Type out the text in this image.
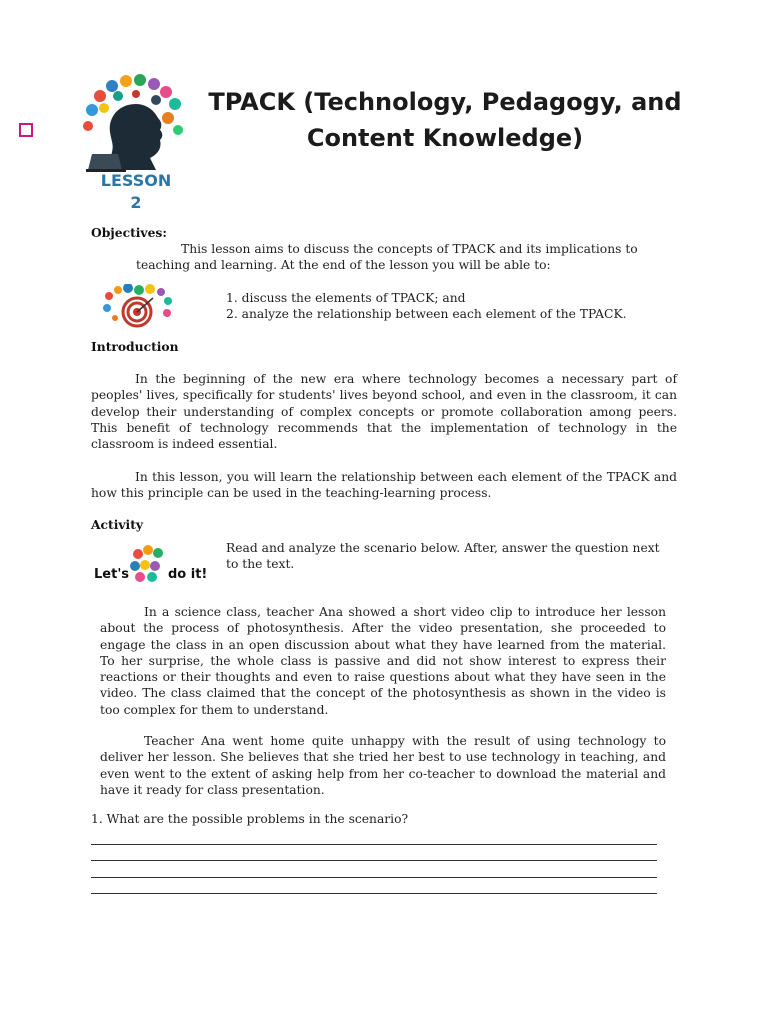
TPACK (Technology, Pedagogy, and
Content Knowledge)
LESSON
2
Objectives:
This lesson aims to discuss the concepts of TPACK and its implications to
teaching and learning. At the end of the lesson you will be able to:
1. discuss the elements of TPACK; and
2. analyze the relationship between each element of the TPACK.
Introduction
In the beginning of the new era where technology becomes a necessary part of peoples' lives, specifically for students' lives beyond school, and even in the classroom, it can develop their understanding of complex concepts or promote collaboration among peers. This benefit of technology recommends that the implementation of technology in the classroom is indeed essential.
In this lesson, you will learn the relationship between each element of the TPACK and how this principle can be used in the teaching-learning process.
Activity
Let's	do it!
Read and analyze the scenario below. After, answer the question next to the text.
In a science class, teacher Ana showed a short video clip to introduce her lesson about the process of photosynthesis. After the video presentation, she proceeded to engage the class in an open discussion about what they have learned from the material. To her surprise, the whole class is passive and did not show interest to express their reactions or their thoughts and even to raise questions about what they have seen in the video. The class claimed that the concept of the photosynthesis as shown in the video is too complex for them to understand.
Teacher Ana went home quite unhappy with the result of using technology to deliver her lesson. She believes that she tried her best to use technology in teaching, and even went to the extent of asking help from her co-teacher to download the material and have it ready for class presentation.
1. What are the possible problems in the scenario?
